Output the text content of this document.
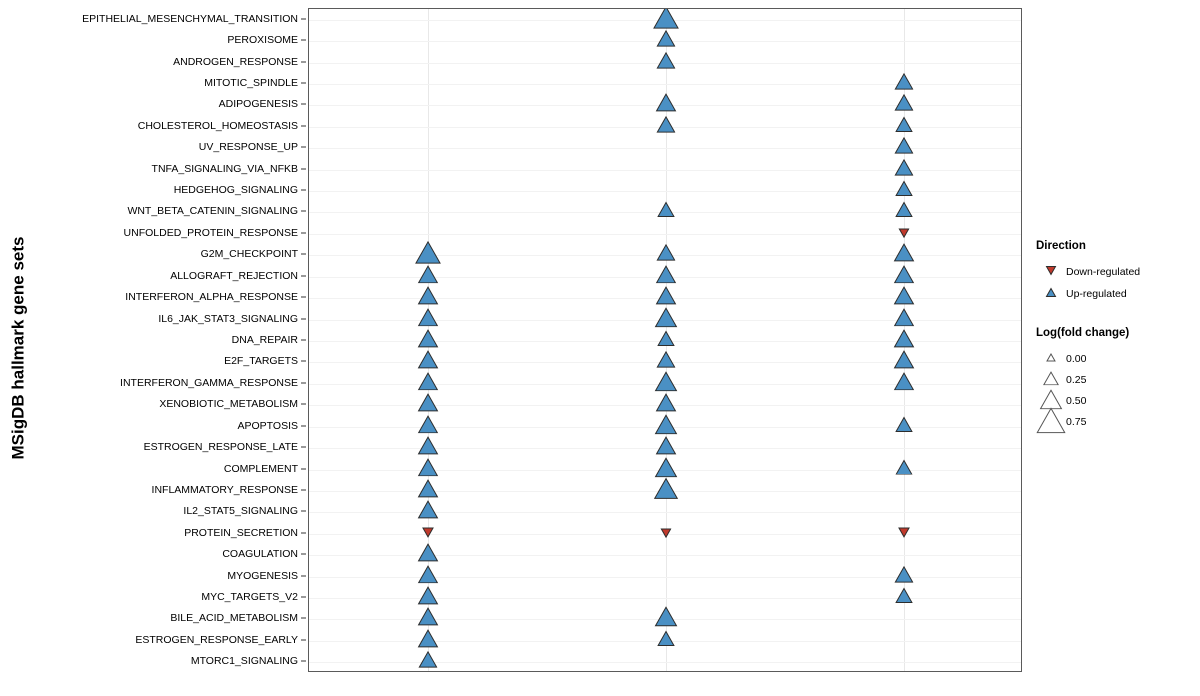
MSigDB hallmark gene sets
EPITHELIAL_MESENCHYMAL_TRANSITION
PEROXISOME
ANDROGEN_RESPONSE
MITOTIC_SPINDLE
ADIPOGENESIS
CHOLESTEROL_HOMEOSTASIS
UV_RESPONSE_UP
TNFA_SIGNALING_VIA_NFKB
HEDGEHOG_SIGNALING
WNT_BETA_CATENIN_SIGNALING
UNFOLDED_PROTEIN_RESPONSE
G2M_CHECKPOINT
ALLOGRAFT_REJECTION
INTERFERON_ALPHA_RESPONSE
IL6_JAK_STAT3_SIGNALING
DNA_REPAIR
E2F_TARGETS
INTERFERON_GAMMA_RESPONSE
XENOBIOTIC_METABOLISM
APOPTOSIS
ESTROGEN_RESPONSE_LATE
COMPLEMENT
INFLAMMATORY_RESPONSE
IL2_STAT5_SIGNALING
PROTEIN_SECRETION
COAGULATION
MYOGENESIS
MYC_TARGETS_V2
BILE_ACID_METABOLISM
ESTROGEN_RESPONSE_EARLY
MTORC1_SIGNALING
Direction
Down-regulated
Up-regulated
Log(fold change)
0.00
0.25
0.50
0.75
